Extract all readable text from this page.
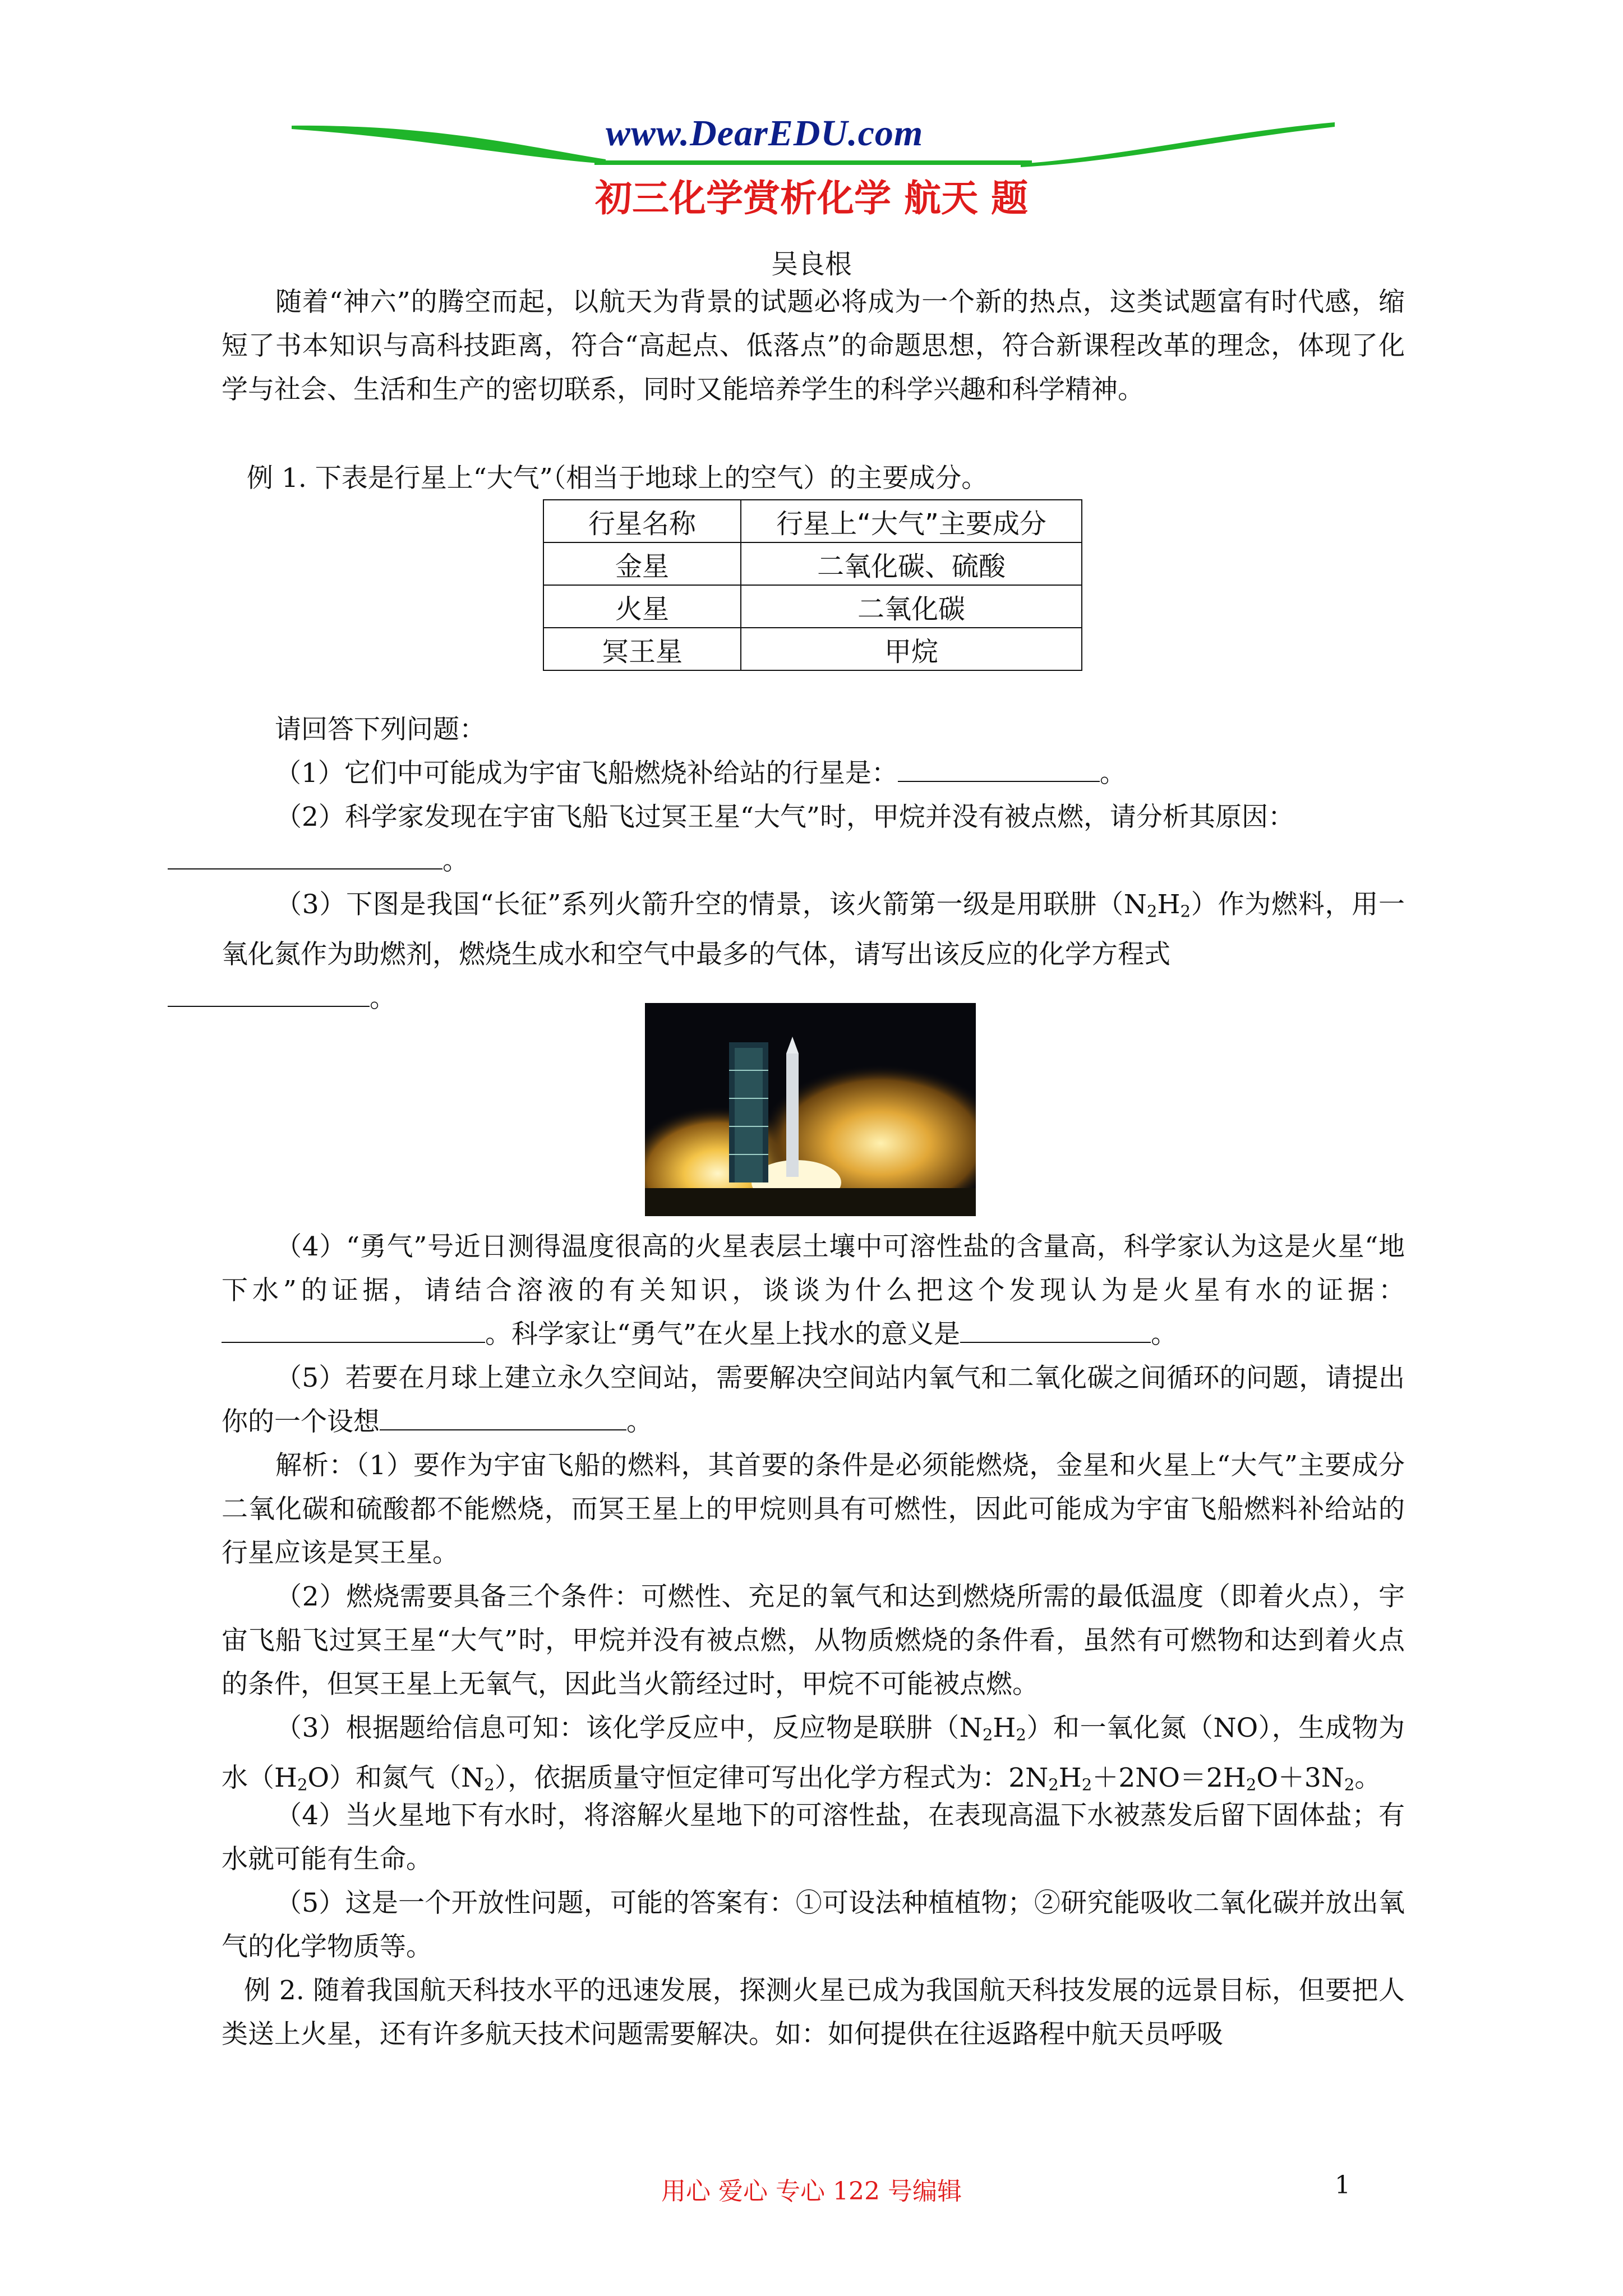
www.DearEDU.com
初三化学赏析化学 航天 题
吴良根
随着“神六”的腾空而起，以航天为背景的试题必将成为一个新的热点，这类试题富有时代感，缩短了书本知识与高科技距离，符合“高起点、低落点”的命题思想，符合新课程改革的理念，体现了化学与社会、生活和生产的密切联系，同时又能培养学生的科学兴趣和科学精神。
例 1. 下表是行星上“大气”（相当于地球上的空气）的主要成分。
行星名称	行星上“大气”主要成分
金星	二氧化碳、硫酸
火星	二氧化碳
冥王星	甲烷
请回答下列问题：
（1）它们中可能成为宇宙飞船燃烧补给站的行星是：	。
（2）科学家发现在宇宙飞船飞过冥王星“大气”时，甲烷并没有被点燃，请分析其原因：
。
（3）下图是我国“长征”系列火箭升空的情景，该火箭第一级是用联肼$(N_2H_2)$作为燃料，用一氧化氮作为助燃剂，燃烧生成水和空气中最多的气体，请写出该反应的化学方程式
。
（4）“勇气”号近日测得温度很高的火星表层土壤中可溶性盐的含量高，科学家认为这是火星“地下水”的证据，请结合溶液的有关知识，谈谈为什么把这个发现认为是火星有水的证据：。科学家让“勇气”在火星上找水的意义是	。
（5）若要在月球上建立永久空间站，需要解决空间站内氧气和二氧化碳之间循环的问题，请提出你的一个设想	。
解析：（1）要作为宇宙飞船的燃料，其首要的条件是必须能燃烧，金星和火星上“大气”主要成分二氧化碳和硫酸都不能燃烧，而冥王星上的甲烷则具有可燃性，因此可能成为宇宙飞船燃料补给站的行星应该是冥王星。
（2）燃烧需要具备三个条件：可燃性、充足的氧气和达到燃烧所需的最低温度（即着火点），宇宙飞船飞过冥王星“大气”时，甲烷并没有被点燃，从物质燃烧的条件看，虽然有可燃物和达到着火点的条件，但冥王星上无氧气，因此当火箭经过时，甲烷不可能被点燃。
（3）根据题给信息可知：该化学反应中，反应物是联肼$(N_2H_2)$和一氧化氮（NO），生成物为水$(H_2O)$和氮气$(N_2)$，依据质量守恒定律可写出化学方程式为：$2N_2H_2+2NO=2H_2O+3N_2$。
（4）当火星地下有水时，将溶解火星地下的可溶性盐，在表现高温下水被蒸发后留下固体盐；有水就可能有生命。
（5）这是一个开放性问题，可能的答案有：①可设法种植植物；②研究能吸收二氧化碳并放出氧气的化学物质等。
例 2. 随着我国航天科技水平的迅速发展，探测火星已成为我国航天科技发展的远景目标，但要把人类送上火星，还有许多航天技术问题需要解决。如：如何提供在往返路程中航天员呼吸
用心 爱心 专心 122 号编辑	1
